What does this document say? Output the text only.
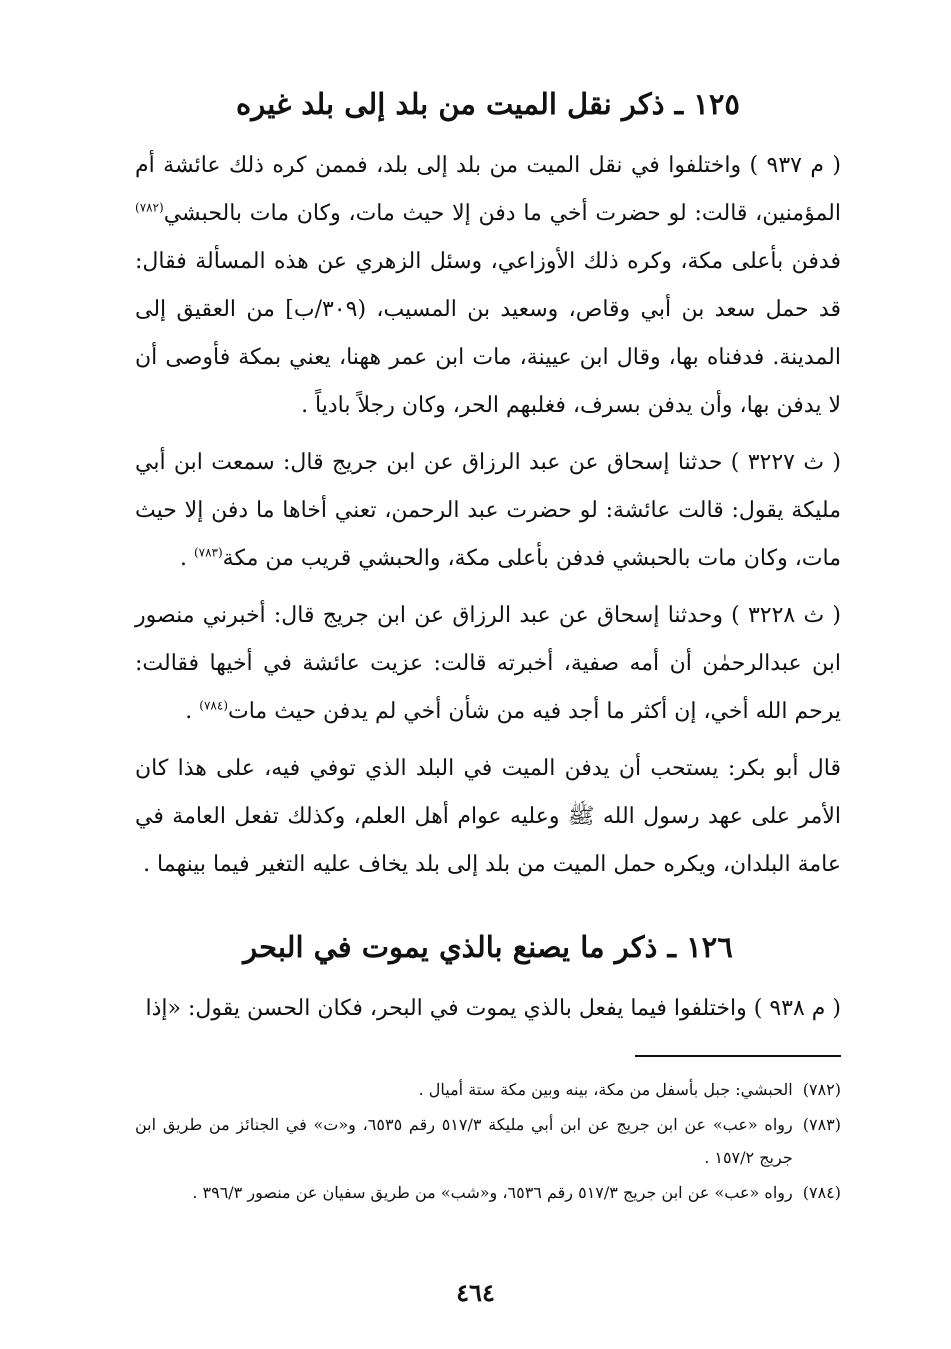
١٢٥ ـ ذكر نقل الميت من بلد إلى بلد غيره

( م ٩٣٧ ) واختلفوا في نقل الميت من بلد إلى بلد، فممن كره ذلك عائشة أم المؤمنين، قالت: لو حضرت أخي ما دفن إلا حيث مات، وكان مات بالحبشي$^{(٧٨٢)}$ فدفن بأعلى مكة، وكره ذلك الأوزاعي، وسئل الزهري عن هذه المسألة فقال: قد حمل سعد بن أبي وقاص، وسعيد بن المسيب، (٣٠٩/ب] من العقيق إلى المدينة. فدفناه بها، وقال ابن عيينة، مات ابن عمر ههنا، يعني بمكة فأوصى أن لا يدفن بها، وأن يدفن بسرف، فغلبهم الحر، وكان رجلاً بادياً .

( ث ٣٢٢٧ ) حدثنا إسحاق عن عبد الرزاق عن ابن جريج قال: سمعت ابن أبي مليكة يقول: قالت عائشة: لو حضرت عبد الرحمن، تعني أخاها ما دفن إلا حيث مات، وكان مات بالحبشي فدفن بأعلى مكة، والحبشي قريب من مكة$^{(٧٨٣)}$ .

( ث ٣٢٢٨ ) وحدثنا إسحاق عن عبد الرزاق عن ابن جريج قال: أخبرني منصور ابن عبدالرحمٰن أن أمه صفية، أخبرته قالت: عزيت عائشة في أخيها فقالت: يرحم الله أخي، إن أكثر ما أجد فيه من شأن أخي لم يدفن حيث مات$^{(٧٨٤)}$ .

قال أبو بكر: يستحب أن يدفن الميت في البلد الذي توفي فيه، على هذا كان الأمر على عهد رسول الله ﷺ وعليه عوام أهل العلم، وكذلك تفعل العامة في عامة البلدان، ويكره حمل الميت من بلد إلى بلد يخاف عليه التغير فيما بينهما .

١٢٦ ـ ذكر ما يصنع بالذي يموت في البحر

( م ٩٣٨ ) واختلفوا فيما يفعل بالذي يموت في البحر، فكان الحسن يقول: «إذا

(٧٨٢)
الحبشي: جبل بأسفل من مكة، بينه وبين مكة ستة أميال .
(٧٨٣)
رواه «عب» عن ابن جريج عن ابن أبي مليكة ٥١٧/٣ رقم ٦٥٣٥، و«ت» في الجنائز من طريق ابن جريج ١٥٧/٢ .
(٧٨٤)
رواه «عب» عن ابن جريج ٥١٧/٣ رقم ٦٥٣٦، و«شب» من طريق سفيان عن منصور ٣٩٦/٣ .
٤٦٤
